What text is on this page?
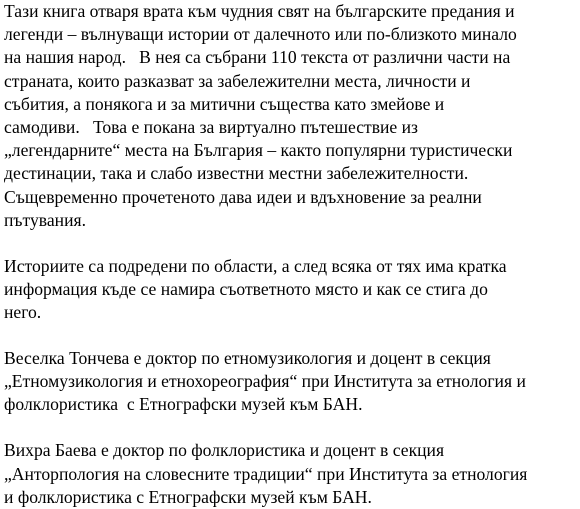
Тази книга отваря врата към чудния свят на българските предания и
легенди – вълнуващи истории от далечното или по-близкото минало
на нашия народ.   В нея са събрани 110 текста от различни части на
страната, които разказват за забележителни места, личности и
събития, а понякога и за митични същества като змейове и
самодиви.   Това е покана за виртуално пътешествие из
„легендарните“ места на България – както популярни туристически
дестинации, така и слабо известни местни забележителности.
Същевременно прочетеното дава идеи и вдъхновение за реални
пътувания.

Историите са подредени по области, а след всяка от тях има кратка
информация къде се намира съответното място и как се стига до
него.

Веселка Тончева е доктор по етномузикология и доцент в секция
„Етномузикология и етнохореография“ при Института за етнология и
фолклористика  с Етнографски музей към БАН.

Вихра Баева е доктор по фолклористика и доцент в секция
„Анторпология на словесните традиции“ при Института за етнология
и фолклористика с Етнографски музей към БАН.
